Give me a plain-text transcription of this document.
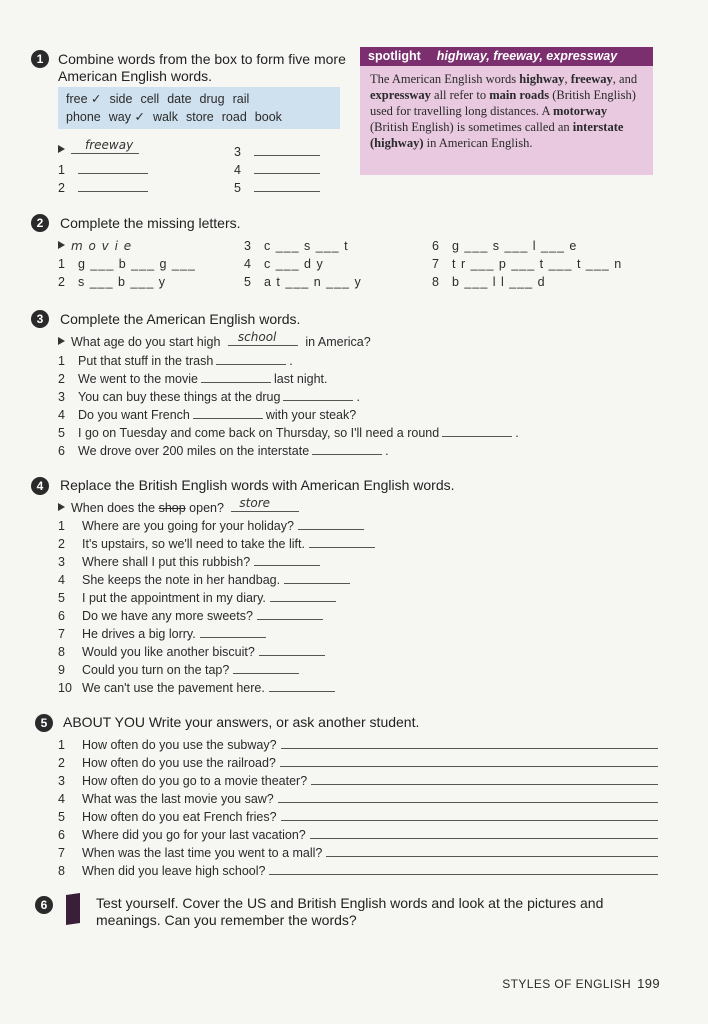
1	Combine words from the box to form five more American English words.
free ✓ side cell date drug rail
phone way ✓ walk store road book
freeway
1
2
3
4
5
spotlight highway, freeway, expressway
The American English words highway, freeway, and expressway all refer to main roads (British English) used for travelling long distances. A motorway (British English) is sometimes called an interstate (highway) in American English.
2	Complete the missing letters.
m o v i e
1 g ___ b ___ g ___
2 s ___ b ___ y
3 c ___ s ___ t
4 c ___ d y
5 a t ___ n ___ y
6 g ___ s ___ l ___ e
7 t r ___ p ___ t ___ t ___ n
8 b ___ l l ___ d
3	Complete the American English words.
What age do you start high school in America?
1 Put that stuff in the trash	.
2 We went to the movie	last night.
3 You can buy these things at the drug	.
4 Do you want French	with your steak?
5 I go on Tuesday and come back on Thursday, so I'll need a round	.
6 We drove over 200 miles on the interstate	.
4	Replace the British English words with American English words.
When does the shop open? store
1 Where are you going for your holiday?
2 It's upstairs, so we'll need to take the lift.
3 Where shall I put this rubbish?
4 She keeps the note in her handbag.
5 I put the appointment in my diary.
6 Do we have any more sweets?
7 He drives a big lorry.
8 Would you like another biscuit?
9 Could you turn on the tap?
10 We can't use the pavement here.
5	ABOUT YOU Write your answers, or ask another student.
1	How often do you use the subway?
2	How often do you use the railroad?
3	How often do you go to a movie theater?
4	What was the last movie you saw?
5	How often do you eat French fries?
6	Where did you go for your last vacation?
7	When was the last time you went to a mall?
8	When did you leave high school?
6	Test yourself. Cover the US and British English words and look at the pictures and meanings. Can you remember the words?
STYLES OF ENGLISH 199
